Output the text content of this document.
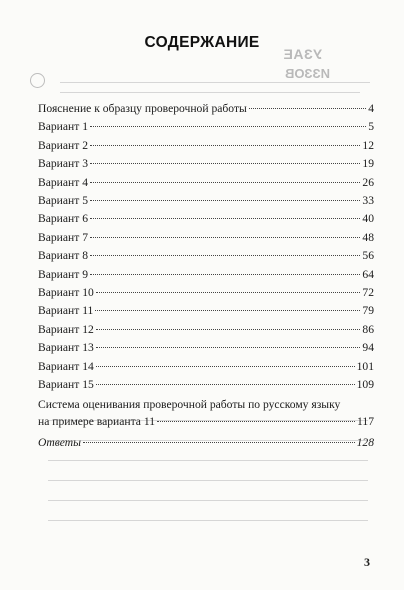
УЗАЕ
ИЗЗОВ
СОДЕРЖАНИЕ
Пояснение к образцу проверочной работы	4
Вариант 1	5
Вариант 2	12
Вариант 3	19
Вариант 4	26
Вариант 5	33
Вариант 6	40
Вариант 7	48
Вариант 8	56
Вариант 9	64
Вариант 10	72
Вариант 11	79
Вариант 12	86
Вариант 13	94
Вариант 14	101
Вариант 15	109
Система оценивания проверочной работы по русскому языку
на примере варианта 11	117
Ответы	128
3
